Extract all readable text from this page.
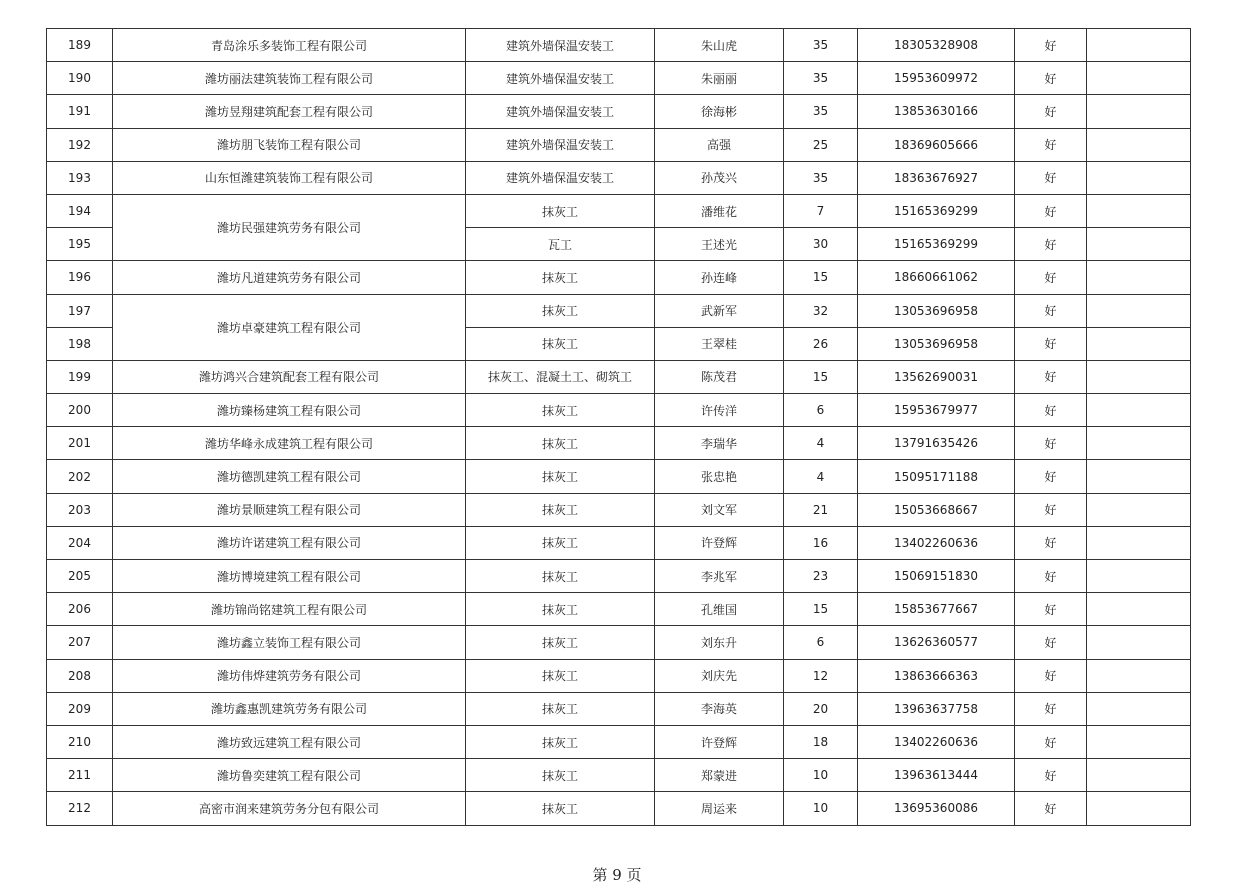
189	青岛涂乐多装饰工程有限公司	建筑外墙保温安装工	朱山虎	35	18305328908	好	
190	潍坊丽法建筑装饰工程有限公司	建筑外墙保温安装工	朱丽丽	35	15953609972	好	
191	潍坊昱翔建筑配套工程有限公司	建筑外墙保温安装工	徐海彬	35	13853630166	好	
192	潍坊朋飞装饰工程有限公司	建筑外墙保温安装工	高强	25	18369605666	好	
193	山东恒潍建筑装饰工程有限公司	建筑外墙保温安装工	孙茂兴	35	18363676927	好	
194	潍坊民强建筑劳务有限公司	抹灰工	潘维花	7	15165369299	好	
195		瓦工	王述光	30	15165369299	好	
196	潍坊凡道建筑劳务有限公司	抹灰工	孙连峰	15	18660661062	好	
197	潍坊卓豪建筑工程有限公司	抹灰工	武新军	32	13053696958	好	
198		抹灰工	王翠桂	26	13053696958	好	
199	潍坊鸿兴合建筑配套工程有限公司	抹灰工、混凝土工、砌筑工	陈茂君	15	13562690031	好	
200	潍坊臻杨建筑工程有限公司	抹灰工	许传洋	6	15953679977	好	
201	潍坊华峰永成建筑工程有限公司	抹灰工	李瑞华	4	13791635426	好	
202	潍坊德凯建筑工程有限公司	抹灰工	张忠艳	4	15095171188	好	
203	潍坊景顺建筑工程有限公司	抹灰工	刘文军	21	15053668667	好	
204	潍坊许诺建筑工程有限公司	抹灰工	许登辉	16	13402260636	好	
205	潍坊博境建筑工程有限公司	抹灰工	李兆军	23	15069151830	好	
206	潍坊锦尚铭建筑工程有限公司	抹灰工	孔维国	15	15853677667	好	
207	潍坊鑫立装饰工程有限公司	抹灰工	刘东升	6	13626360577	好	
208	潍坊伟烨建筑劳务有限公司	抹灰工	刘庆先	12	13863666363	好	
209	潍坊鑫惠凯建筑劳务有限公司	抹灰工	李海英	20	13963637758	好	
210	潍坊致远建筑工程有限公司	抹灰工	许登辉	18	13402260636	好	
211	潍坊鲁奕建筑工程有限公司	抹灰工	郑蒙进	10	13963613444	好	
212	高密市润来建筑劳务分包有限公司	抹灰工	周运来	10	13695360086	好	
第 9 页
